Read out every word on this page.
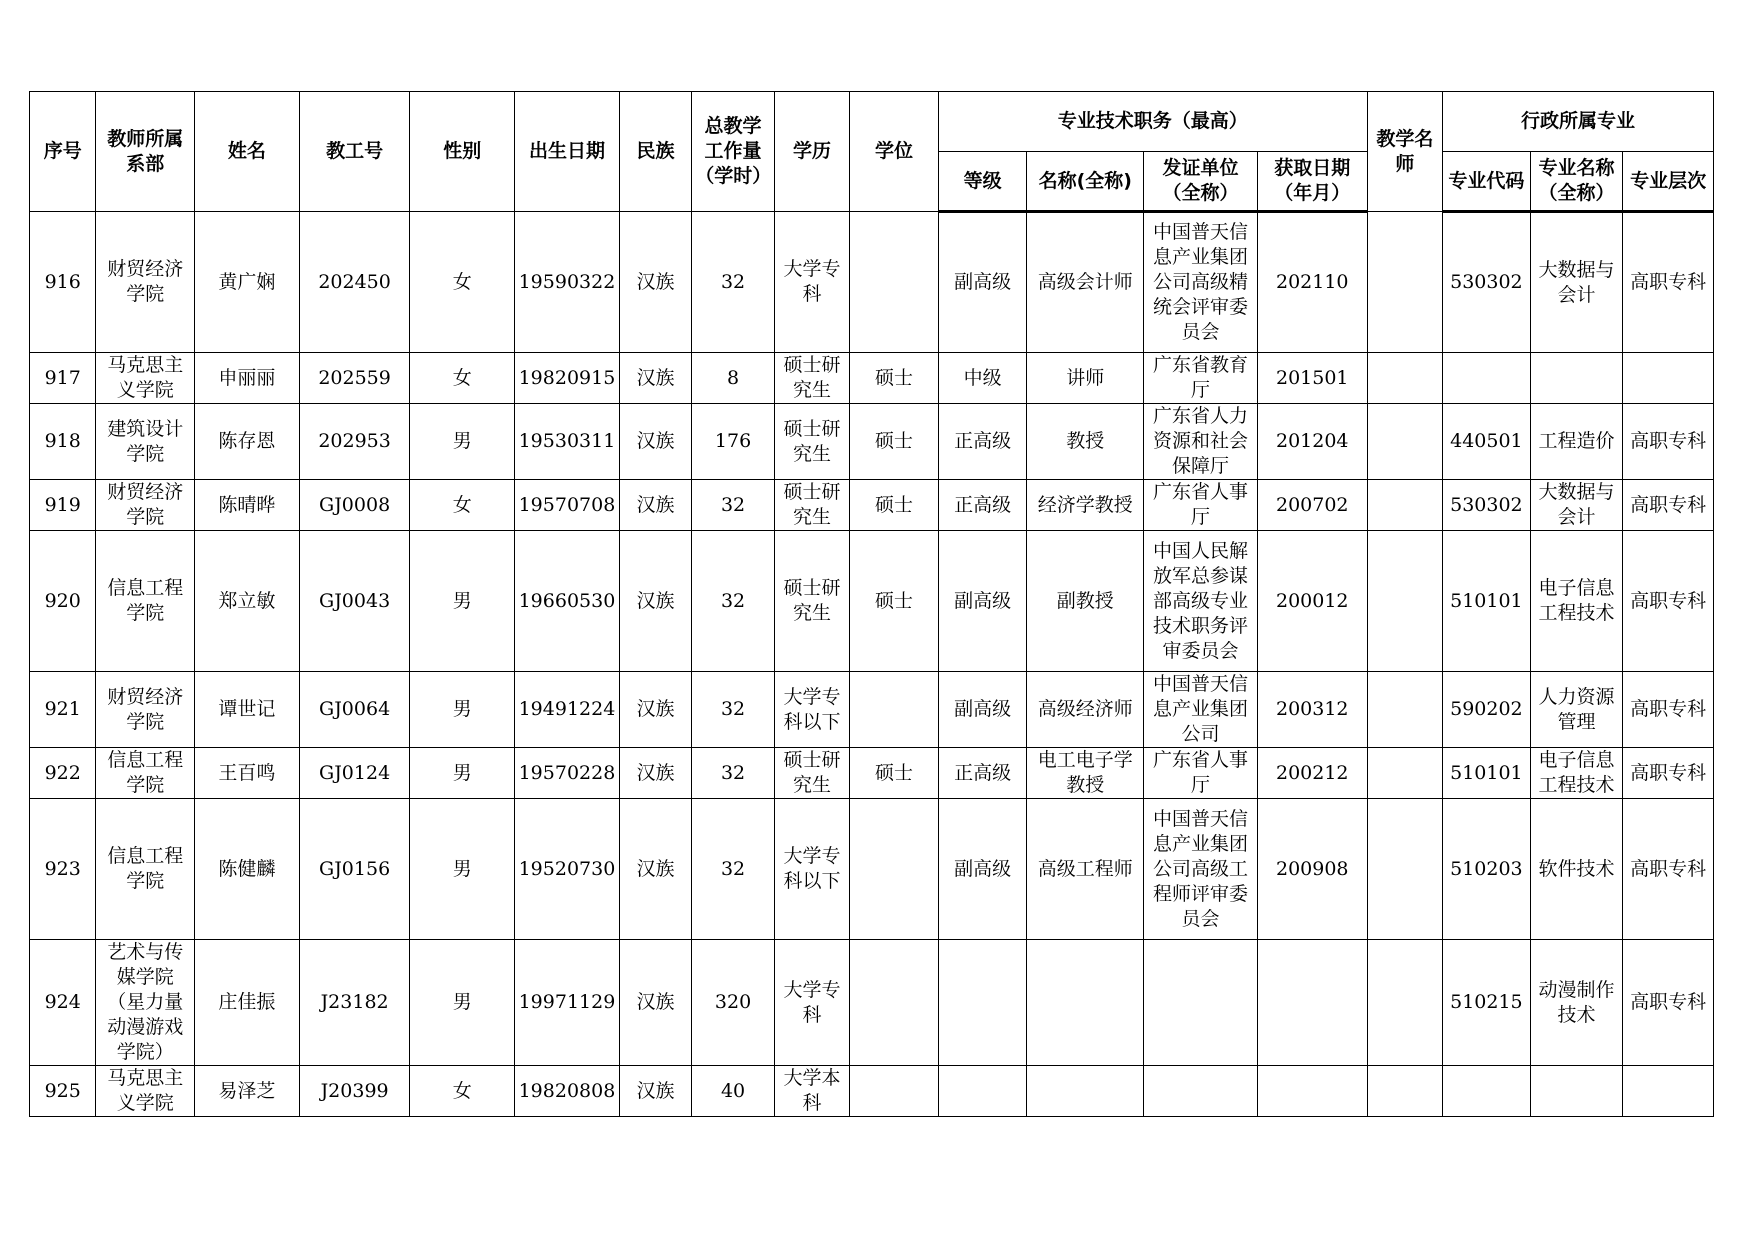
序号	教师所属系部	姓名	教工号	性别	出生日期	民族	总教学工作量（学时）	学历	学位	专业技术职务（最高）				教学名师	行政所属专业		
										等级	名称(全称)	发证单位（全称）	获取日期（年月）		专业代码	专业名称（全称）	专业层次
916	财贸经济学院	黄广娴	202450	女	19590322	汉族	32	大学专科		副高级	高级会计师	中国普天信息产业集团公司高级精统会评审委员会	202110		530302	大数据与会计	高职专科
917	马克思主义学院	申丽丽	202559	女	19820915	汉族	8	硕士研究生	硕士	中级	讲师	广东省教育厅	201501				
918	建筑设计学院	陈存恩	202953	男	19530311	汉族	176	硕士研究生	硕士	正高级	教授	广东省人力资源和社会保障厅	201204		440501	工程造价	高职专科
919	财贸经济学院	陈晴晔	GJ0008	女	19570708	汉族	32	硕士研究生	硕士	正高级	经济学教授	广东省人事厅	200702		530302	大数据与会计	高职专科
920	信息工程学院	郑立敏	GJ0043	男	19660530	汉族	32	硕士研究生	硕士	副高级	副教授	中国人民解放军总参谋部高级专业技术职务评审委员会	200012		510101	电子信息工程技术	高职专科
921	财贸经济学院	谭世记	GJ0064	男	19491224	汉族	32	大学专科以下		副高级	高级经济师	中国普天信息产业集团公司	200312		590202	人力资源管理	高职专科
922	信息工程学院	王百鸣	GJ0124	男	19570228	汉族	32	硕士研究生	硕士	正高级	电工电子学教授	广东省人事厅	200212		510101	电子信息工程技术	高职专科
923	信息工程学院	陈健麟	GJ0156	男	19520730	汉族	32	大学专科以下		副高级	高级工程师	中国普天信息产业集团公司高级工程师评审委员会	200908		510203	软件技术	高职专科
924	艺术与传媒学院（星力量动漫游戏学院）	庄佳振	J23182	男	19971129	汉族	320	大学专科							510215	动漫制作技术	高职专科
925	马克思主义学院	易泽芝	J20399	女	19820808	汉族	40	大学本科									
